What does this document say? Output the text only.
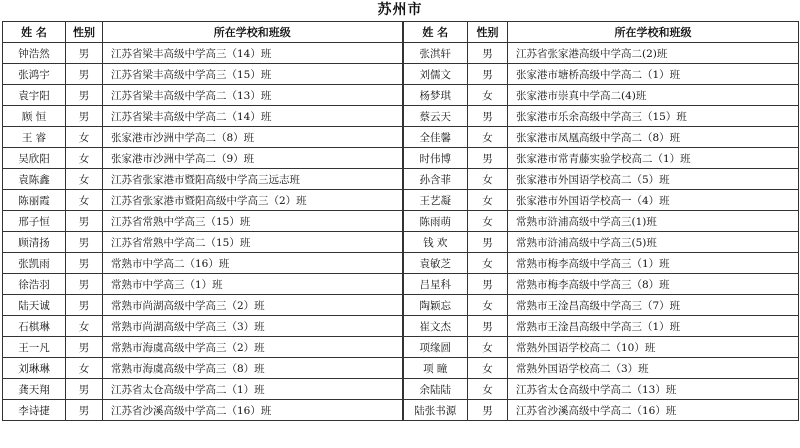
苏州市
姓 名	性别	所在学校和班级	姓 名	性别	所在学校和班级
钟浩然	男	江苏省梁丰高级中学高三（14）班	张淇轩	男	江苏省张家港高级中学高二(2)班
张鸿宇	男	江苏省梁丰高级中学高三（15）班	刘儒文	男	张家港市塘桥高级中学高二（1）班
袁宇阳	男	江苏省梁丰高级中学高二（13）班	杨梦琪	女	张家港市崇真中学高二(4)班
顾 恒	男	江苏省梁丰高级中学高二（14）班	蔡云天	男	张家港市乐余高级中学高三（15）班
王 睿	女	张家港市沙洲中学高二（8）班	全佳馨	女	张家港市凤凰高级中学高二（8）班
吴欣阳	女	张家港市沙洲中学高二（9）班	时伟博	男	张家港市常青藤实验学校高二（1）班
袁陈鑫	女	江苏省张家港市暨阳高级中学高三远志班	孙含菲	女	张家港市外国语学校高二（5）班
陈丽霞	女	江苏省张家港市暨阳高级中学高三（2）班	王艺凝	女	张家港市外国语学校高一（4）班
邢子恒	男	江苏省常熟中学高三（15）班	陈雨萌	女	常熟市浒浦高级中学高三(1)班
顾清扬	男	江苏省常熟中学高二（15）班	钱 欢	男	常熟市浒浦高级中学高三(5)班
张凯雨	男	常熟市中学高二（16）班	袁敏芝	女	常熟市梅李高级中学高三（1）班
徐浩羽	男	常熟市中学高三（1）班	吕星科	男	常熟市梅李高级中学高三（8）班
陆天诚	男	常熟市尚湖高级中学高三（2）班	陶颖忘	女	常熟市王淦昌高级中学高三（7）班
石棋琳	女	常熟市尚湖高级中学高三（3）班	崔文杰	男	常熟市王淦昌高级中学高三（1）班
王一凡	男	常熟市海虞高级中学高三（2）班	项缘圆	女	常熟外国语学校高二（10）班
刘琳琳	女	常熟市海虞高级中学高三（8）班	项 瞳	女	常熟外国语学校高二（3）班
龚天翔	男	江苏省太仓高级中学高二（1）班	余陆陆	女	江苏省太仓高级中学高二（13）班
李诗捷	男	江苏省沙溪高级中学高二（16）班	陆张书源	男	江苏省沙溪高级中学高二（16）班
